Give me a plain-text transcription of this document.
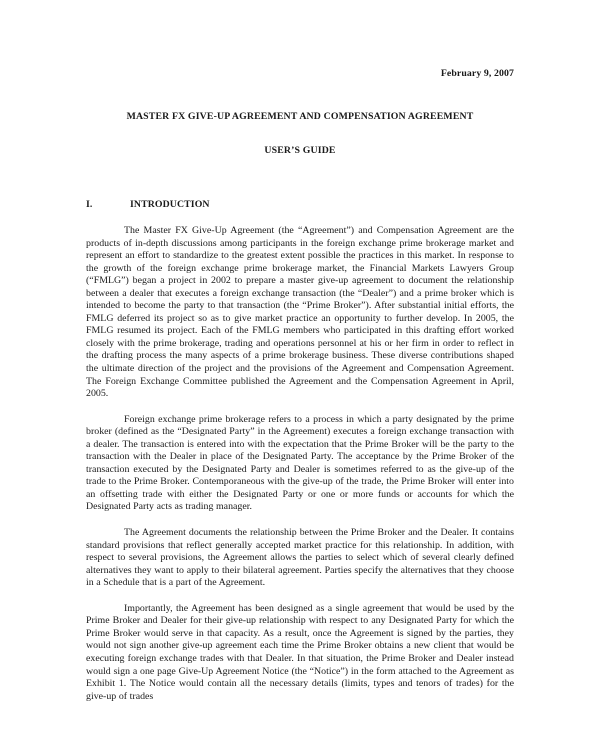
February 9, 2007
MASTER FX GIVE-UP AGREEMENT AND COMPENSATION AGREEMENT
USER’S GUIDE
I.	INTRODUCTION

The Master FX Give-Up Agreement (the “Agreement”) and Compensation Agreement are the products of in-depth discussions among participants in the foreign exchange prime brokerage market and represent an effort to standardize to the greatest extent possible the practices in this market. In response to the growth of the foreign exchange prime brokerage market, the Financial Markets Lawyers Group (“FMLG”) began a project in 2002 to prepare a master give-up agreement to document the relationship between a dealer that executes a foreign exchange transaction (the “Dealer”) and a prime broker which is intended to become the party to that transaction (the “Prime Broker”). After substantial initial efforts, the FMLG deferred its project so as to give market practice an opportunity to further develop. In 2005, the FMLG resumed its project. Each of the FMLG members who participated in this drafting effort worked closely with the prime brokerage, trading and operations personnel at his or her firm in order to reflect in the drafting process the many aspects of a prime brokerage business. These diverse contributions shaped the ultimate direction of the project and the provisions of the Agreement and Compensation Agreement. The Foreign Exchange Committee published the Agreement and the Compensation Agreement in April, 2005.

Foreign exchange prime brokerage refers to a process in which a party designated by the prime broker (defined as the “Designated Party” in the Agreement) executes a foreign exchange transaction with a dealer. The transaction is entered into with the expectation that the Prime Broker will be the party to the transaction with the Dealer in place of the Designated Party. The acceptance by the Prime Broker of the transaction executed by the Designated Party and Dealer is sometimes referred to as the give-up of the trade to the Prime Broker. Contemporaneous with the give-up of the trade, the Prime Broker will enter into an offsetting trade with either the Designated Party or one or more funds or accounts for which the Designated Party acts as trading manager.

The Agreement documents the relationship between the Prime Broker and the Dealer. It contains standard provisions that reflect generally accepted market practice for this relationship. In addition, with respect to several provisions, the Agreement allows the parties to select which of several clearly defined alternatives they want to apply to their bilateral agreement. Parties specify the alternatives that they choose in a Schedule that is a part of the Agreement.

Importantly, the Agreement has been designed as a single agreement that would be used by the Prime Broker and Dealer for their give-up relationship with respect to any Designated Party for which the Prime Broker would serve in that capacity. As a result, once the Agreement is signed by the parties, they would not sign another give-up agreement each time the Prime Broker obtains a new client that would be executing foreign exchange trades with that Dealer. In that situation, the Prime Broker and Dealer instead would sign a one page Give-Up Agreement Notice (the “Notice”) in the form attached to the Agreement as Exhibit 1. The Notice would contain all the necessary details (limits, types and tenors of trades) for the give-up of trades
